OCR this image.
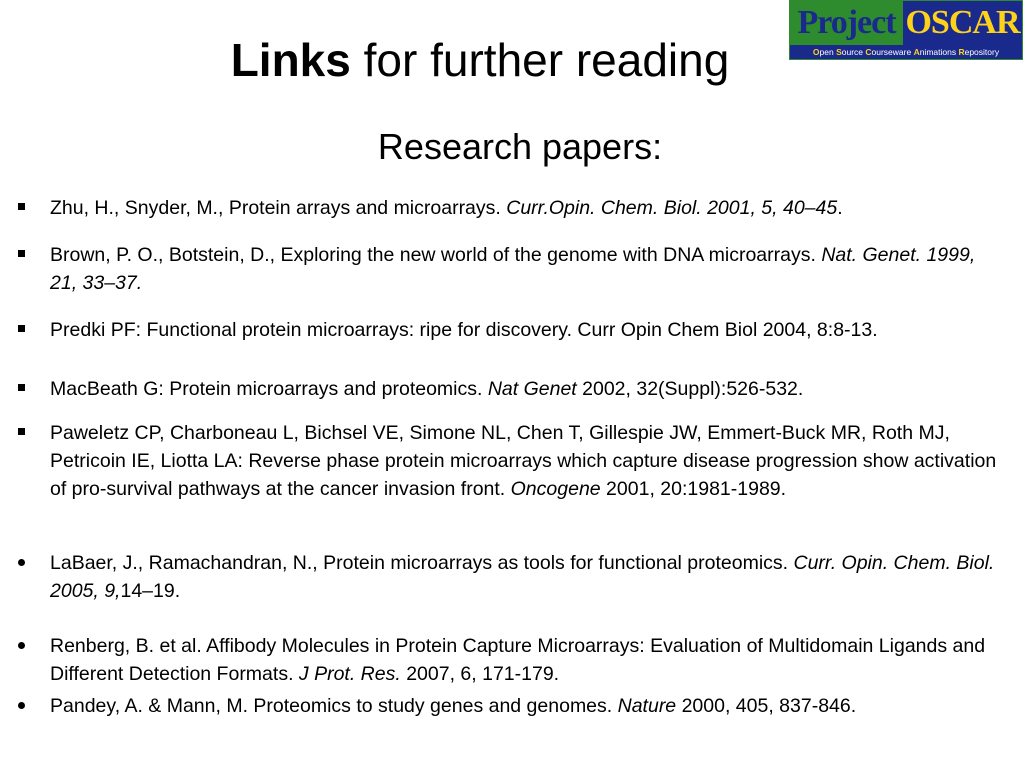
Project OSCAR
Open Source Courseware Animations Repository
Links for further reading
Research papers:
Zhu, H., Snyder, M., Protein arrays and microarrays. Curr.Opin. Chem. Biol. 2001, 5, 40–45.
Brown, P. O., Botstein, D., Exploring the new world of the genome with DNA microarrays. Nat. Genet. 1999, 21, 33–37.
Predki PF: Functional protein microarrays: ripe for discovery. Curr Opin Chem Biol 2004, 8:8-13.
MacBeath G: Protein microarrays and proteomics. Nat Genet 2002, 32(Suppl):526-532.
Paweletz CP, Charboneau L, Bichsel VE, Simone NL, Chen T, Gillespie JW, Emmert-Buck MR, Roth MJ, Petricoin IE, Liotta LA: Reverse phase protein microarrays which capture disease progression show activation of pro-survival pathways at the cancer invasion front. Oncogene 2001, 20:1981-1989.
LaBaer, J., Ramachandran, N., Protein microarrays as tools for functional proteomics. Curr. Opin. Chem. Biol. 2005, 9,14–19.
Renberg, B. et al. Affibody Molecules in Protein Capture Microarrays: Evaluation of Multidomain Ligands and Different Detection Formats. J Prot. Res. 2007, 6, 171-179.
Pandey, A. & Mann, M. Proteomics to study genes and genomes. Nature 2000, 405, 837-846.
